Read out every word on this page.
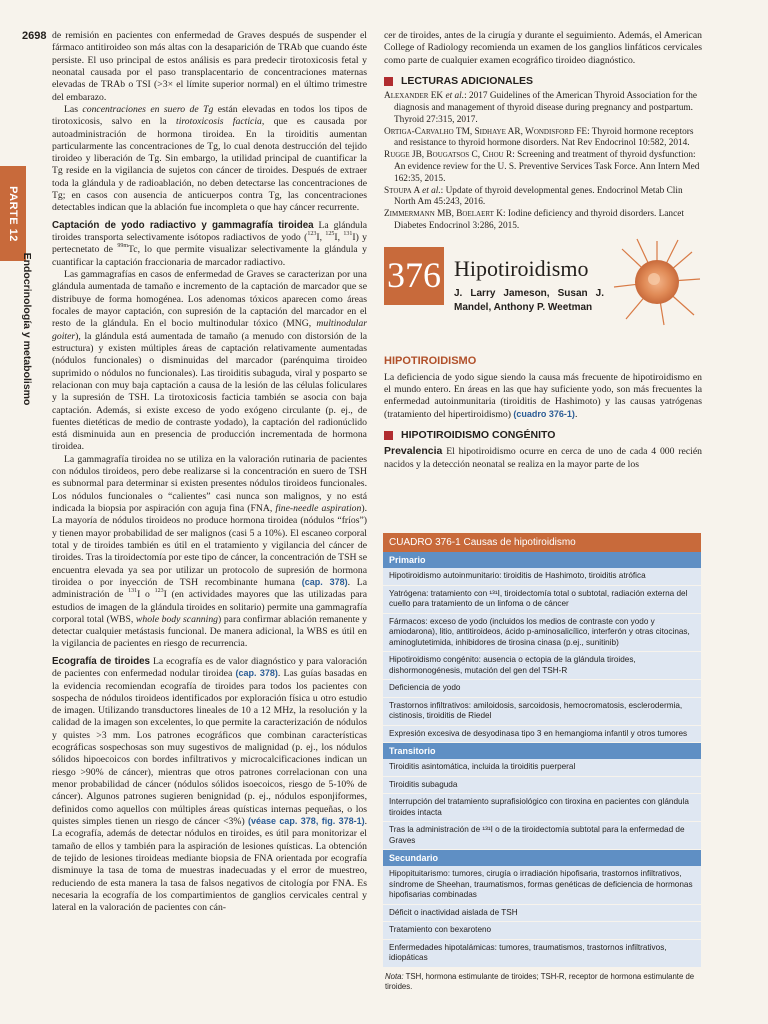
2698
PARTE 12
Endocrinología y metabolismo

de remisión en pacientes con enfermedad de Graves después de suspender el fármaco antitiroideo son más altas con la desaparición de TRAb que cuando éste persiste. El uso principal de estos análisis es para predecir tirotoxicosis fetal y neonatal causada por el paso transplacentario de concentraciones maternas elevadas de TRAb o TSI (>3× el límite superior normal) en el último trimestre del embarazo.

Las concentraciones en suero de Tg están elevadas en todos los tipos de tirotoxicosis, salvo en la tirotoxicosis facticia, que es causada por autoadministración de hormona tiroidea. En la tiroiditis aumentan particularmente las concentraciones de Tg, lo cual denota destrucción del tejido tiroideo y liberación de Tg. Sin embargo, la utilidad principal de cuantificar la Tg reside en la vigilancia de sujetos con cáncer de tiroides. Después de extraer toda la glándula y de radioablación, no deben detectarse las concentraciones de Tg; en casos con ausencia de anticuerpos contra Tg, las concentraciones detectables indican que la ablación fue incompleta o que hay cáncer recurrente.

Captación de yodo radiactivo y gammagrafía tiroidea La glándula tiroides transporta selectivamente isótopos radiactivos de yodo ($^{123}$I, $^{125}$I, $^{131}$I) y pertecnetato de $^{99m}$Tc, lo que permite visualizar selectivamente la glándula y cuantificar la captación fraccionaria de marcador radiactivo.

Las gammagrafías en casos de enfermedad de Graves se caracterizan por una glándula aumentada de tamaño e incremento de la captación de marcador que se distribuye de forma homogénea. Los adenomas tóxicos aparecen como áreas focales de mayor captación, con supresión de la captación del marcador en el resto de la glándula. En el bocio multinodular tóxico (MNG, multinodular goiter), la glándula está aumentada de tamaño (a menudo con distorsión de la estructura) y existen múltiples áreas de captación relativamente aumentadas (nódulos funcionales) o disminuidas del marcador (parénquima tiroideo suprimido o nódulos no funcionales). Las tiroiditis subaguda, viral y posparto se relacionan con muy baja captación a causa de la lesión de las células foliculares y la supresión de TSH. La tirotoxicosis facticia también se asocia con baja captación. Además, si existe exceso de yodo exógeno circulante (p. ej., de fuentes dietéticas de medio de contraste yodado), la captación del radionúclido está disminuida aun en presencia de producción incrementada de hormona tiroidea.

La gammagrafía tiroidea no se utiliza en la valoración rutinaria de pacientes con nódulos tiroideos, pero debe realizarse si la concentración en suero de TSH es subnormal para determinar si existen presentes nódulos tiroideos funcionales. Los nódulos funcionales o “calientes” casi nunca son malignos, y no está indicada la biopsia por aspiración con aguja fina (FNA, fine-needle aspiration). La mayoría de nódulos tiroideos no produce hormona tiroidea (nódulos “fríos”) y tienen mayor probabilidad de ser malignos (casi 5 a 10%). El escaneo corporal total y de tiroides también es útil en el tratamiento y vigilancia del cáncer de tiroides. Tras la tiroidectomía por este tipo de cáncer, la concentración de TSH se encuentra elevada ya sea por utilizar un protocolo de supresión de hormona tiroidea o por inyección de TSH recombinante humana (cap. 378). La administración de $^{131}$I o $^{123}$I (en actividades mayores que las utilizadas para estudios de imagen de la glándula tiroides en solitario) permite una gammagrafía corporal total (WBS, whole body scanning) para confirmar ablación remanente y detectar cualquier metástasis funcional. De manera adicional, la WBS es útil en la vigilancia de pacientes en riesgo de recurrencia.

Ecografía de tiroides La ecografía es de valor diagnóstico y para valoración de pacientes con enfermedad nodular tiroidea (cap. 378). Las guías basadas en la evidencia recomiendan ecografía de tiroides para todos los pacientes con sospecha de nódulos tiroideos identificados por exploración física u otro estudio de imagen. Utilizando transductores lineales de 10 a 12 MHz, la resolución y la calidad de la imagen son excelentes, lo que permite la caracterización de nódulos y quistes >3 mm. Los patrones ecográficos que combinan características ecográficas sospechosas son muy sugestivos de malignidad (p. ej., los nódulos sólidos hipoecoicos con bordes infiltrativos y microcalcificaciones indican un riesgo >90% de cáncer), mientras que otros patrones correlacionan con una menor probabilidad de cáncer (nódulos sólidos isoecoicos, riesgo de 5-10% de cáncer). Algunos patrones sugieren benignidad (p. ej., nódulos esponjiformes, definidos como aquellos con múltiples áreas quísticas internas pequeñas, o los quistes simples tienen un riesgo de cáncer <3%) (véase cap. 378, fig. 378-1). La ecografía, además de detectar nódulos en tiroides, es útil para monitorizar el tamaño de ellos y también para la aspiración de lesiones quísticas. La obtención de tejido de lesiones tiroideas mediante biopsia de FNA orientada por ecografía disminuye la tasa de toma de muestras inadecuadas y el error de muestreo, reduciendo de esta manera la tasa de falsos negativos de citología por FNA. Es necesaria la ecografía de los compartimientos de ganglios cervicales central y lateral en la valoración de pacientes con cán-

cer de tiroides, antes de la cirugía y durante el seguimiento. Además, el American College of Radiology recomienda un examen de los ganglios linfáticos cervicales como parte de cualquier examen ecográfico tiroideo diagnóstico.

LECTURAS ADICIONALES

Alexander EK et al.: 2017 Guidelines of the American Thyroid Association for the diagnosis and management of thyroid disease during pregnancy and postpartum. Thyroid 27:315, 2017.

Ortiga-Carvalho TM, Sidhaye AR, Wondisford FE: Thyroid hormone receptors and resistance to thyroid hormone disorders. Nat Rev Endocrinol 10:582, 2014.

Rugge JB, Bougatsos C, Chou R: Screening and treatment of thyroid dysfunction: An evidence review for the U. S. Preventive Services Task Force. Ann Intern Med 162:35, 2015.

Stoupa A et al.: Update of thyroid developmental genes. Endocrinol Metab Clin North Am 45:243, 2016.

Zimmermann MB, Boelaert K: Iodine deficiency and thyroid disorders. Lancet Diabetes Endocrinol 3:286, 2015.

376 Hipotiroidismo
J. Larry Jameson, Susan J. Mandel, Anthony P. Weetman
HIPOTIROIDISMO

La deficiencia de yodo sigue siendo la causa más frecuente de hipotiroidismo en el mundo entero. En áreas en las que hay suficiente yodo, son más frecuentes la enfermedad autoinmunitaria (tiroiditis de Hashimoto) y las causas yatrógenas (tratamiento del hipertiroidismo) (cuadro 376-1).

HIPOTIROIDISMO CONGÉNITO

Prevalencia El hipotiroidismo ocurre en cerca de uno de cada 4 000 recién nacidos y la detección neonatal se realiza en la mayor parte de los

CUADRO 376-1 Causas de hipotiroidismo
Primario
Hipotiroidismo autoinmunitario: tiroiditis de Hashimoto, tiroiditis atrófica
Yatrógena: tratamiento con ¹³¹I, tiroidectomía total o subtotal, radiación externa del cuello para tratamiento de un linfoma o de cáncer
Fármacos: exceso de yodo (incluidos los medios de contraste con yodo y amiodarona), litio, antitiroideos, ácido p-aminosalicílico, interferón y otras citocinas, aminoglutetimida, inhibidores de tirosina cinasa (p.ej., sunitinib)
Hipotiroidismo congénito: ausencia o ectopia de la glándula tiroides, dishormonogénesis, mutación del gen del TSH-R
Deficiencia de yodo
Trastornos infiltrativos: amiloidosis, sarcoidosis, hemocromatosis, esclerodermia, cistinosis, tiroiditis de Riedel
Expresión excesiva de desyodinasa tipo 3 en hemangioma infantil y otros tumores
Transitorio
Tiroiditis asintomática, incluida la tiroiditis puerperal
Tiroiditis subaguda
Interrupción del tratamiento suprafisiológico con tiroxina en pacientes con glándula tiroides intacta
Tras la administración de ¹³¹I o de la tiroidectomía subtotal para la enfermedad de Graves
Secundario
Hipopituitarismo: tumores, cirugía o irradiación hipofisaria, trastornos infiltrativos, síndrome de Sheehan, traumatismos, formas genéticas de deficiencia de hormonas hipofisarias combinadas
Déficit o inactividad aislada de TSH
Tratamiento con bexaroteno
Enfermedades hipotalámicas: tumores, traumatismos, trastornos infiltrativos, idiopáticas
Nota: TSH, hormona estimulante de tiroides; TSH-R, receptor de hormona estimulante de tiroides.
